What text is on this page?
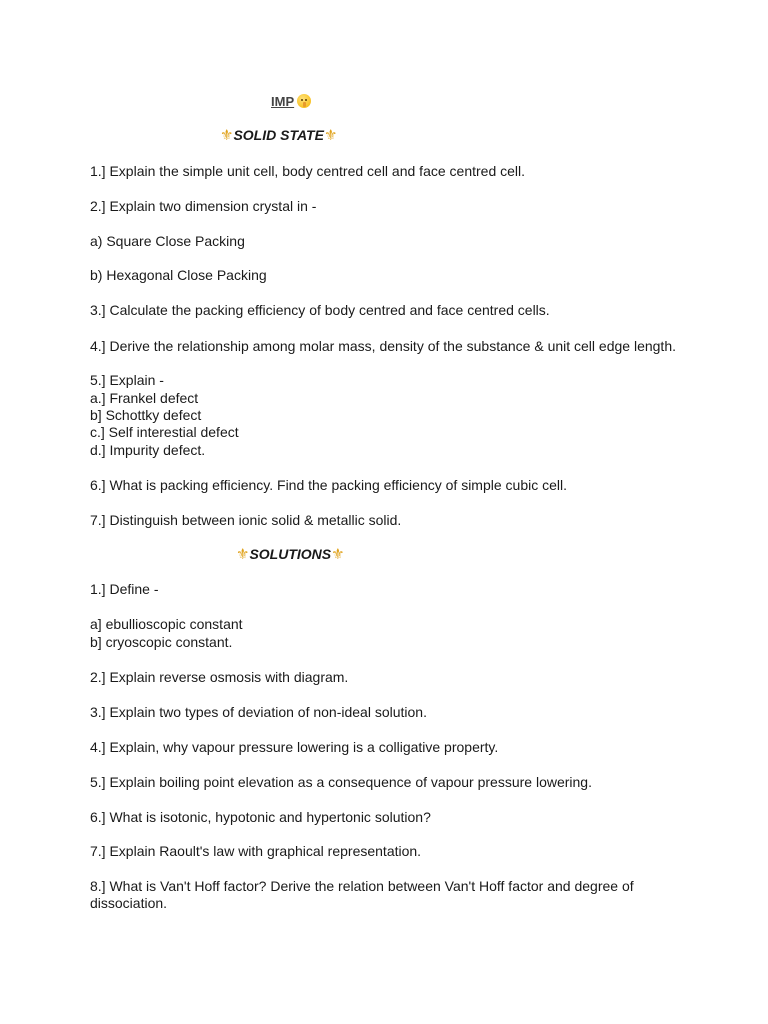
IMP
⚜SOLID STATE⚜
1.] Explain the simple unit cell, body centred cell and face centred cell.
2.] Explain two dimension crystal in -
a) Square Close Packing
b) Hexagonal Close Packing
3.] Calculate the packing efficiency of body centred and face centred cells.
4.] Derive the relationship among molar mass, density of the substance & unit cell edge length.
5.] Explain -
a.] Frankel defect
b] Schottky defect
c.] Self interestial defect
d.] Impurity defect.
6.] What is packing efficiency. Find the packing efficiency of simple cubic cell.
7.] Distinguish between ionic solid & metallic solid.
⚜SOLUTIONS⚜
1.] Define -
a] ebullioscopic constant
b] cryoscopic constant.
2.] Explain reverse osmosis with diagram.
3.] Explain two types of deviation of non-ideal solution.
4.] Explain, why vapour pressure lowering is a colligative property.
5.] Explain boiling point elevation as a consequence of vapour pressure lowering.
6.] What is isotonic, hypotonic and hypertonic solution?
7.] Explain Raoult's law with graphical representation.
8.] What is Van't Hoff factor? Derive the relation between Van't Hoff factor and degree of dissociation.
